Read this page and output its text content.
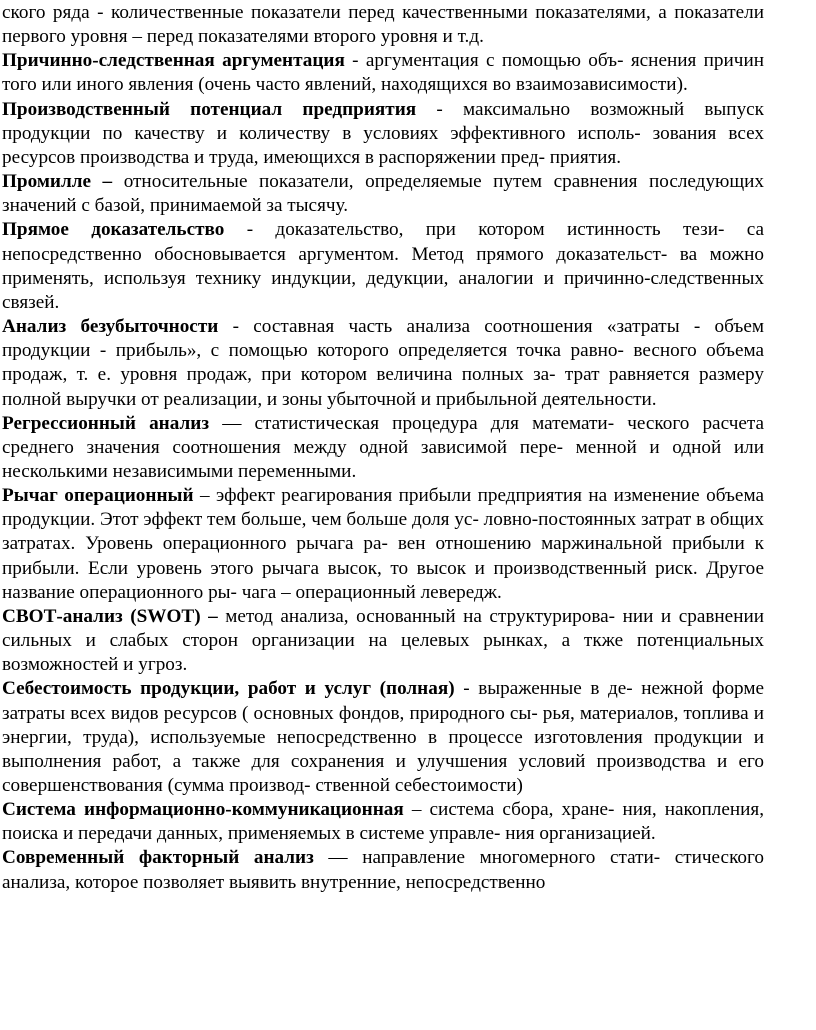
ского ряда - количественные показатели перед качественными показателями, а показатели первого уровня – перед показателями второго уровня и т.д.

Причинно-следственная аргументация - аргументация с помощью объ- яснения причин того или иного явления (очень часто явлений, находящихся во взаимозависимости).

Производственный потенциал предприятия - максимально возможный выпуск продукции по качеству и количеству в условиях эффективного исполь- зования всех ресурсов производства и труда, имеющихся в распоряжении пред- приятия.

Промилле – относительные показатели, определяемые путем сравнения последующих значений с базой, принимаемой за тысячу.

Прямое доказательство - доказательство, при котором истинность тези- са непосредственно обосновывается аргументом. Метод прямого доказательст- ва можно применять, используя технику индукции, дедукции, аналогии и причинно-следственных связей.

Анализ безубыточности - составная часть анализа соотношения «затраты - объем продукции - прибыль», с помощью которого определяется точка равно- весного объема продаж, т. е. уровня продаж, при котором величина полных за- трат равняется размеру полной выручки от реализации, и зоны убыточной и прибыльной деятельности.

Регрессионный анализ — статистическая процедура для математи- ческого расчета среднего значения соотношения между одной зависимой пере- менной и одной или несколькими независимыми переменными.

Рычаг операционный – эффект реагирования прибыли предприятия на изменение объема продукции. Этот эффект тем больше, чем больше доля ус- ловно-постоянных затрат в общих затратах. Уровень операционного рычага ра- вен отношению маржинальной прибыли к прибыли. Если уровень этого рычага высок, то высок и производственный риск. Другое название операционного ры- чага – операционный левередж.

СВОТ-анализ (SWOT) – метод анализа, основанный на структурирова- нии и сравнении сильных и слабых сторон организации на целевых рынках, а ткже потенциальных возможностей и угроз.

Себестоимость продукции, работ и услуг (полная) - выраженные в де- нежной форме затраты всех видов ресурсов ( основных фондов, природного сы- рья, материалов, топлива и энергии, труда), используемые непосредственно в процессе изготовления продукции и выполнения работ, а также для сохранения и улучшения условий производства и его совершенствования (сумма производ- ственной себестоимости)

Система информационно-коммуникационная – система сбора, хране- ния, накопления, поиска и передачи данных, применяемых в системе управле- ния организацией.

Современный факторный анализ — направление многомерного стати- стического анализа, которое позволяет выявить внутренние, непосредственно
